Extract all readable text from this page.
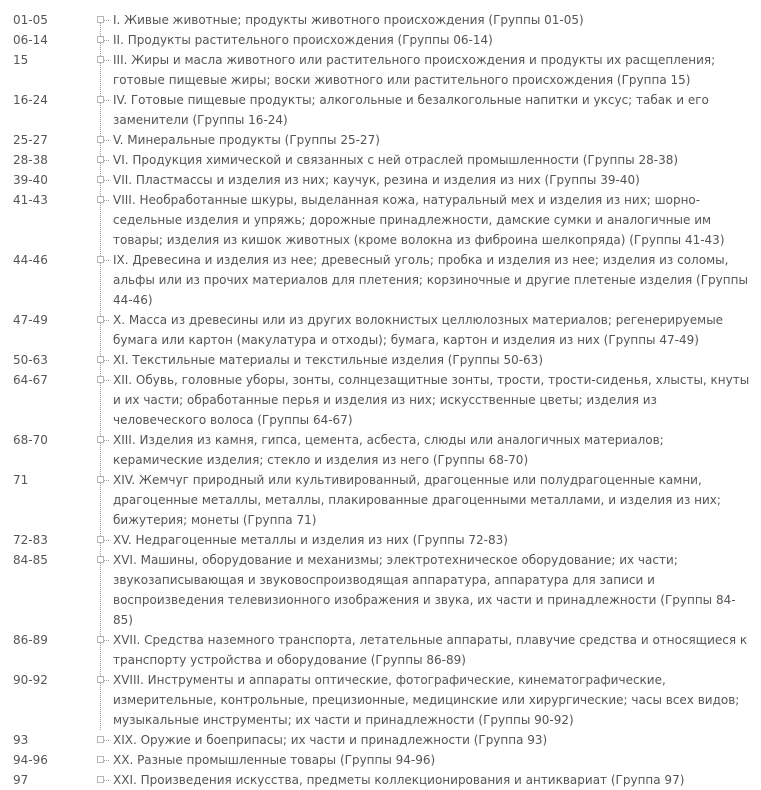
01-05	I. Живые животные; продукты животного происхождения (Группы 01-05)
06-14	II. Продукты растительного происхождения (Группы 06-14)
15	III. Жиры и масла животного или растительного происхождения и продукты их расщепления; готовые пищевые жиры; воски животного или растительного происхождения (Группа 15)
16-24	IV. Готовые пищевые продукты; алкогольные и безалкогольные напитки и уксус; табак и его заменители (Группы 16-24)
25-27	V. Минеральные продукты (Группы 25-27)
28-38	VI. Продукция химической и связанных с ней отраслей промышленности (Группы 28-38)
39-40	VII. Пластмассы и изделия из них; каучук, резина и изделия из них (Группы 39-40)
41-43	VIII. Необработанные шкуры, выделанная кожа, натуральный мех и изделия из них; шорно-седельные изделия и упряжь; дорожные принадлежности, дамские сумки и аналогичные им товары; изделия из кишок животных (кроме волокна из фиброина шелкопряда) (Группы 41-43)
44-46	IX. Древесина и изделия из нее; древесный уголь; пробка и изделия из нее; изделия из соломы, альфы или из прочих материалов для плетения; корзиночные и другие плетеные изделия (Группы 44-46)
47-49	X. Масса из древесины или из других волокнистых целлюлозных материалов; регенерируемые бумага или картон (макулатура и отходы); бумага, картон и изделия из них (Группы 47-49)
50-63	XI. Текстильные материалы и текстильные изделия (Группы 50-63)
64-67	XII. Обувь, головные уборы, зонты, солнцезащитные зонты, трости, трости-сиденья, хлысты, кнуты и их части; обработанные перья и изделия из них; искусственные цветы; изделия из человеческого волоса (Группы 64-67)
68-70	XIII. Изделия из камня, гипса, цемента, асбеста, слюды или аналогичных материалов; керамические изделия; стекло и изделия из него (Группы 68-70)
71	XIV. Жемчуг природный или культивированный, драгоценные или полудрагоценные камни, драгоценные металлы, металлы, плакированные драгоценными металлами, и изделия из них; бижутерия; монеты (Группа 71)
72-83	XV. Недрагоценные металлы и изделия из них (Группы 72-83)
84-85	XVI. Машины, оборудование и механизмы; электротехническое оборудование; их части; звукозаписывающая и звуковоспроизводящая аппаратура, аппаратура для записи и воспроизведения телевизионного изображения и звука, их части и принадлежности (Группы 84-85)
86-89	XVII. Средства наземного транспорта, летательные аппараты, плавучие средства и относящиеся к транспорту устройства и оборудование (Группы 86-89)
90-92	XVIII. Инструменты и аппараты оптические, фотографические, кинематографические, измерительные, контрольные, прецизионные, медицинские или хирургические; часы всех видов; музыкальные инструменты; их части и принадлежности (Группы 90-92)
93	XIX. Оружие и боеприпасы; их части и принадлежности (Группа 93)
94-96	XX. Разные промышленные товары (Группы 94-96)
97	XXI. Произведения искусства, предметы коллекционирования и антиквариат (Группа 97)
